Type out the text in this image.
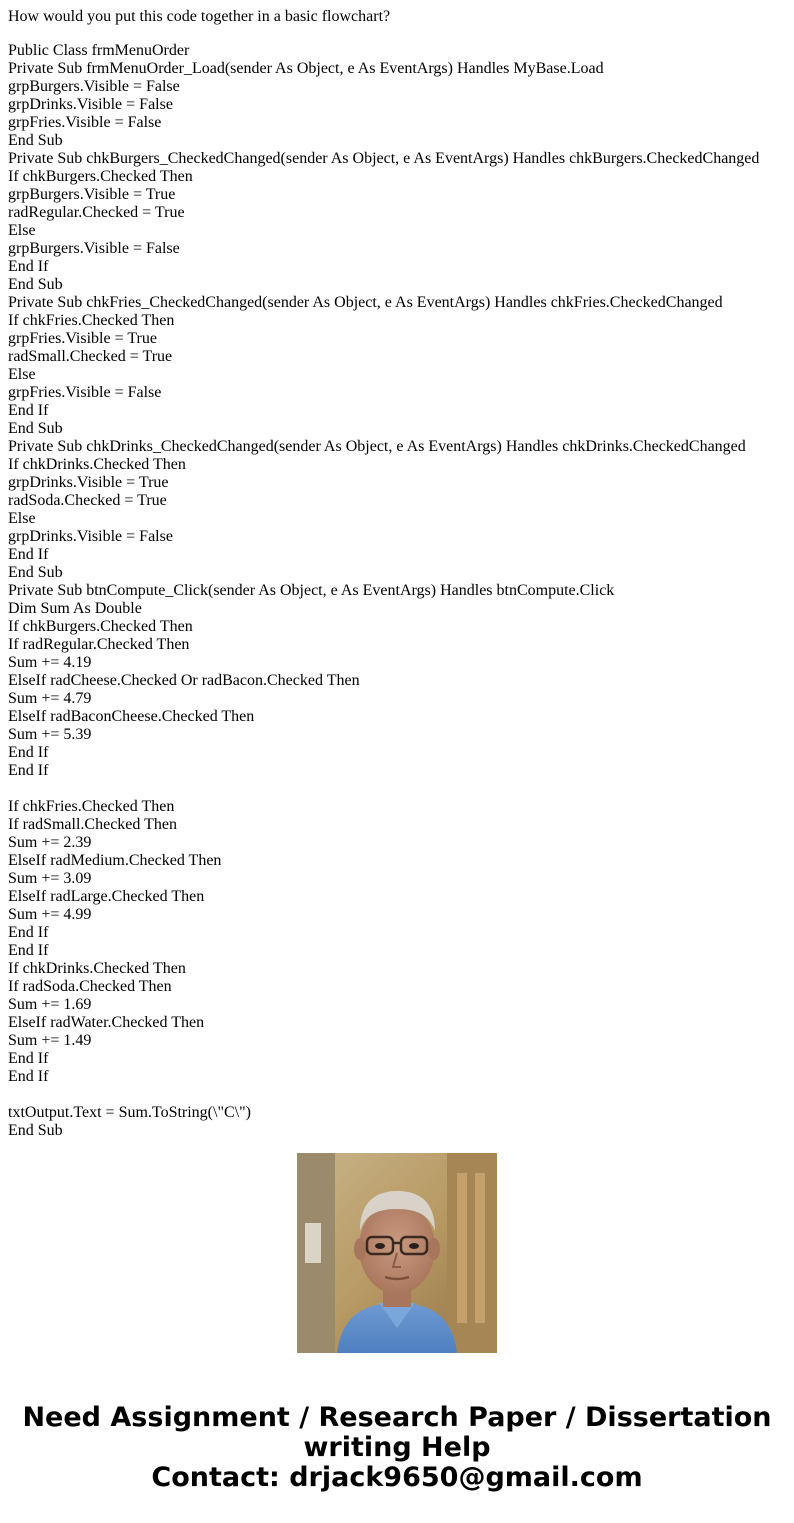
How would you put this code together in a basic flowchart?
Public Class frmMenuOrder
Private Sub frmMenuOrder_Load(sender As Object, e As EventArgs) Handles MyBase.Load
grpBurgers.Visible = False
grpDrinks.Visible = False
grpFries.Visible = False
End Sub
Private Sub chkBurgers_CheckedChanged(sender As Object, e As EventArgs) Handles chkBurgers.CheckedChanged
If chkBurgers.Checked Then
grpBurgers.Visible = True
radRegular.Checked = True
Else
grpBurgers.Visible = False
End If
End Sub
Private Sub chkFries_CheckedChanged(sender As Object, e As EventArgs) Handles chkFries.CheckedChanged
If chkFries.Checked Then
grpFries.Visible = True
radSmall.Checked = True
Else
grpFries.Visible = False
End If
End Sub
Private Sub chkDrinks_CheckedChanged(sender As Object, e As EventArgs) Handles chkDrinks.CheckedChanged
If chkDrinks.Checked Then
grpDrinks.Visible = True
radSoda.Checked = True
Else
grpDrinks.Visible = False
End If
End Sub
Private Sub btnCompute_Click(sender As Object, e As EventArgs) Handles btnCompute.Click
Dim Sum As Double
If chkBurgers.Checked Then
If radRegular.Checked Then
Sum += 4.19
ElseIf radCheese.Checked Or radBacon.Checked Then
Sum += 4.79
ElseIf radBaconCheese.Checked Then
Sum += 5.39
End If
End If
If chkFries.Checked Then
If radSmall.Checked Then
Sum += 2.39
ElseIf radMedium.Checked Then
Sum += 3.09
ElseIf radLarge.Checked Then
Sum += 4.99
End If
End If
If chkDrinks.Checked Then
If radSoda.Checked Then
Sum += 1.69
ElseIf radWater.Checked Then
Sum += 1.49
End If
End If
txtOutput.Text = Sum.ToString(\"C\")
End Sub
Need Assignment / Research Paper / Dissertation
writing Help
Contact: drjack9650@gmail.com
